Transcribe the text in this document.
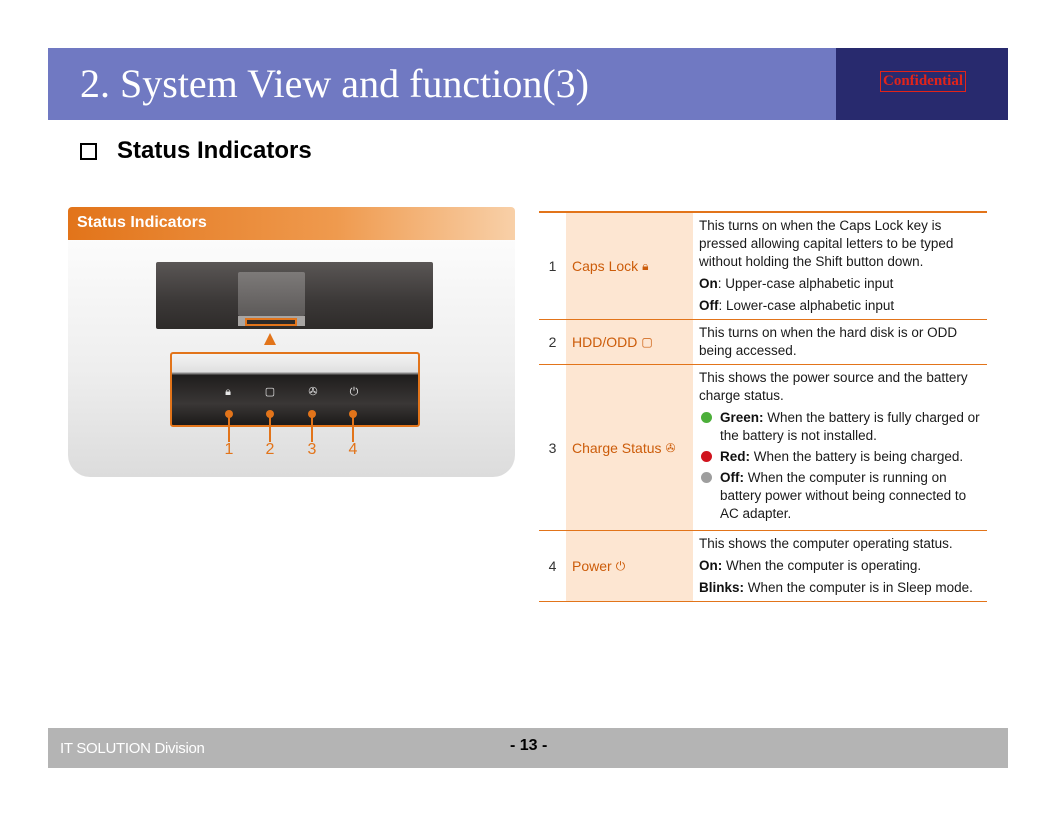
2. System View and function(3)	Confidential
Status Indicators
Status Indicators
🔒︎	▢	✇	⏻
1 2 3 4
1	Caps Lock 🔒︎

This turns on when the Caps Lock key is pressed allowing capital letters to be typed without holding the Shift button down.

On: Upper-case alphabetic input

Off: Lower-case alphabetic input

2	HDD/ODD ▢

This turns on when the hard disk is or ODD being accessed.

3	Charge Status ✇

This shows the power source and the battery charge status.

Green: When the battery is fully charged or the battery is not installed.
Red: When the battery is being charged.
Off: When the computer is running on battery power without being connected to AC adapter.
4	Power ⏻

This shows the computer operating status.

On: When the computer is operating.

Blinks: When the computer is in Sleep mode.

IT SOLUTION Division	- 13 -
